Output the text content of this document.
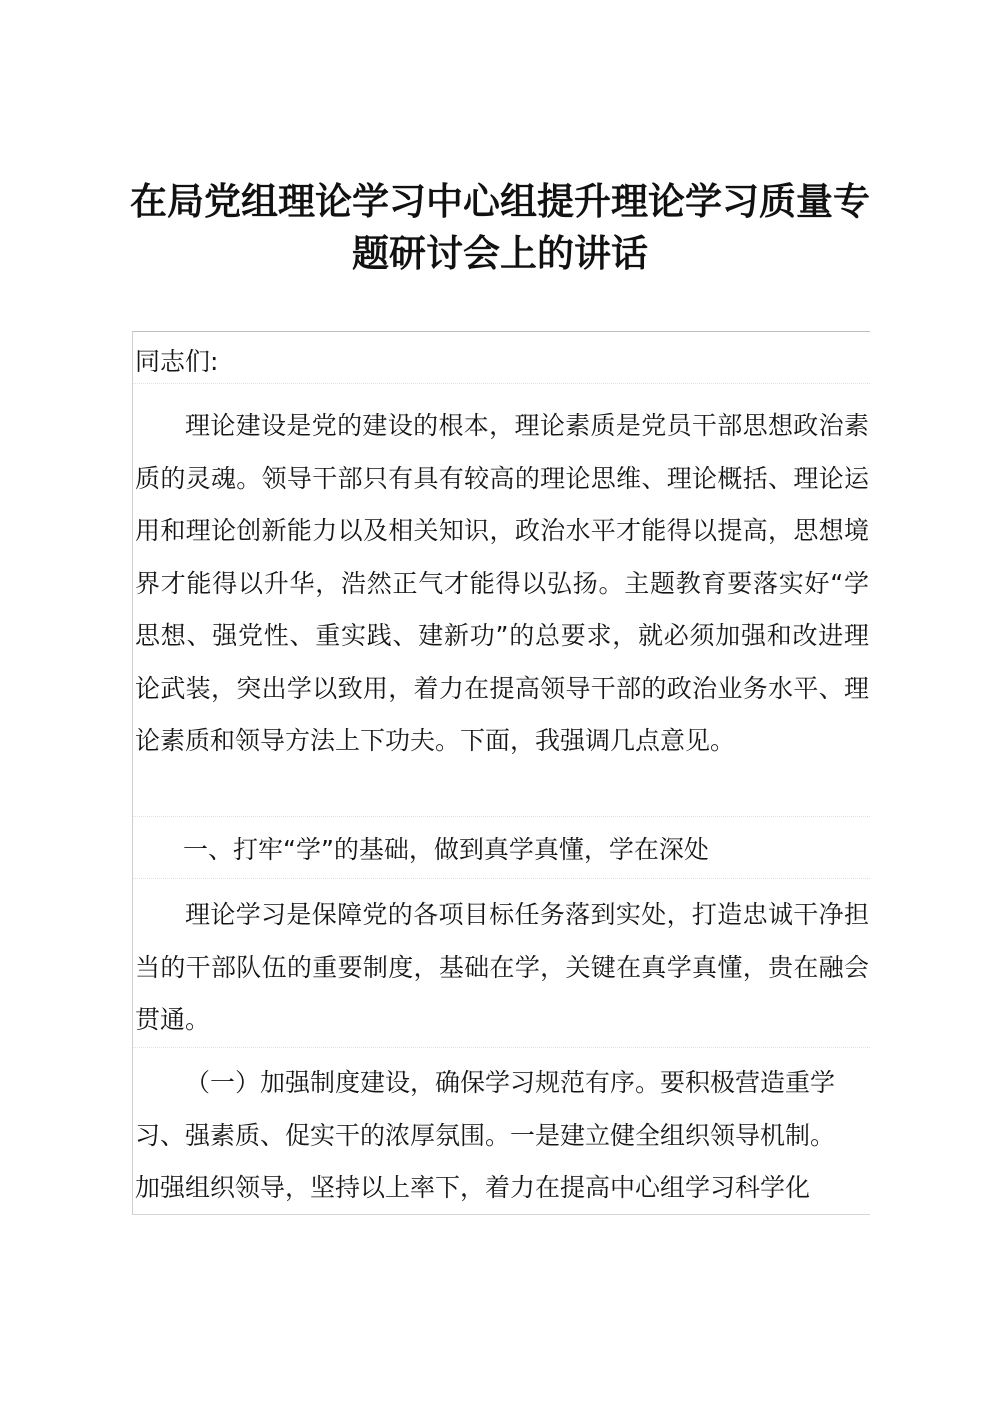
在局党组理论学习中心组提升理论学习质量专
题研讨会上的讲话
同志们:
理论建设是党的建设的根本，理论素质是党员干部思想政治素质的灵魂。领导干部只有具有较高的理论思维、理论概括、理论运用和理论创新能力以及相关知识，政治水平才能得以提高，思想境界才能得以升华，浩然正气才能得以弘扬。主题教育要落实好“学思想、强党性、重实践、建新功”的总要求，就必须加强和改进理论武装，突出学以致用，着力在提高领导干部的政治业务水平、理论素质和领导方法上下功夫。下面，我强调几点意见。
一、打牢“学”的基础，做到真学真懂，学在深处
理论学习是保障党的各项目标任务落到实处，打造忠诚干净担当的干部队伍的重要制度，基础在学，关键在真学真懂，贵在融会贯通。
（一）加强制度建设，确保学习规范有序。要积极营造重学
习、强素质、促实干的浓厚氛围。一是建立健全组织领导机制。
加强组织领导，坚持以上率下，着力在提高中心组学习科学化
